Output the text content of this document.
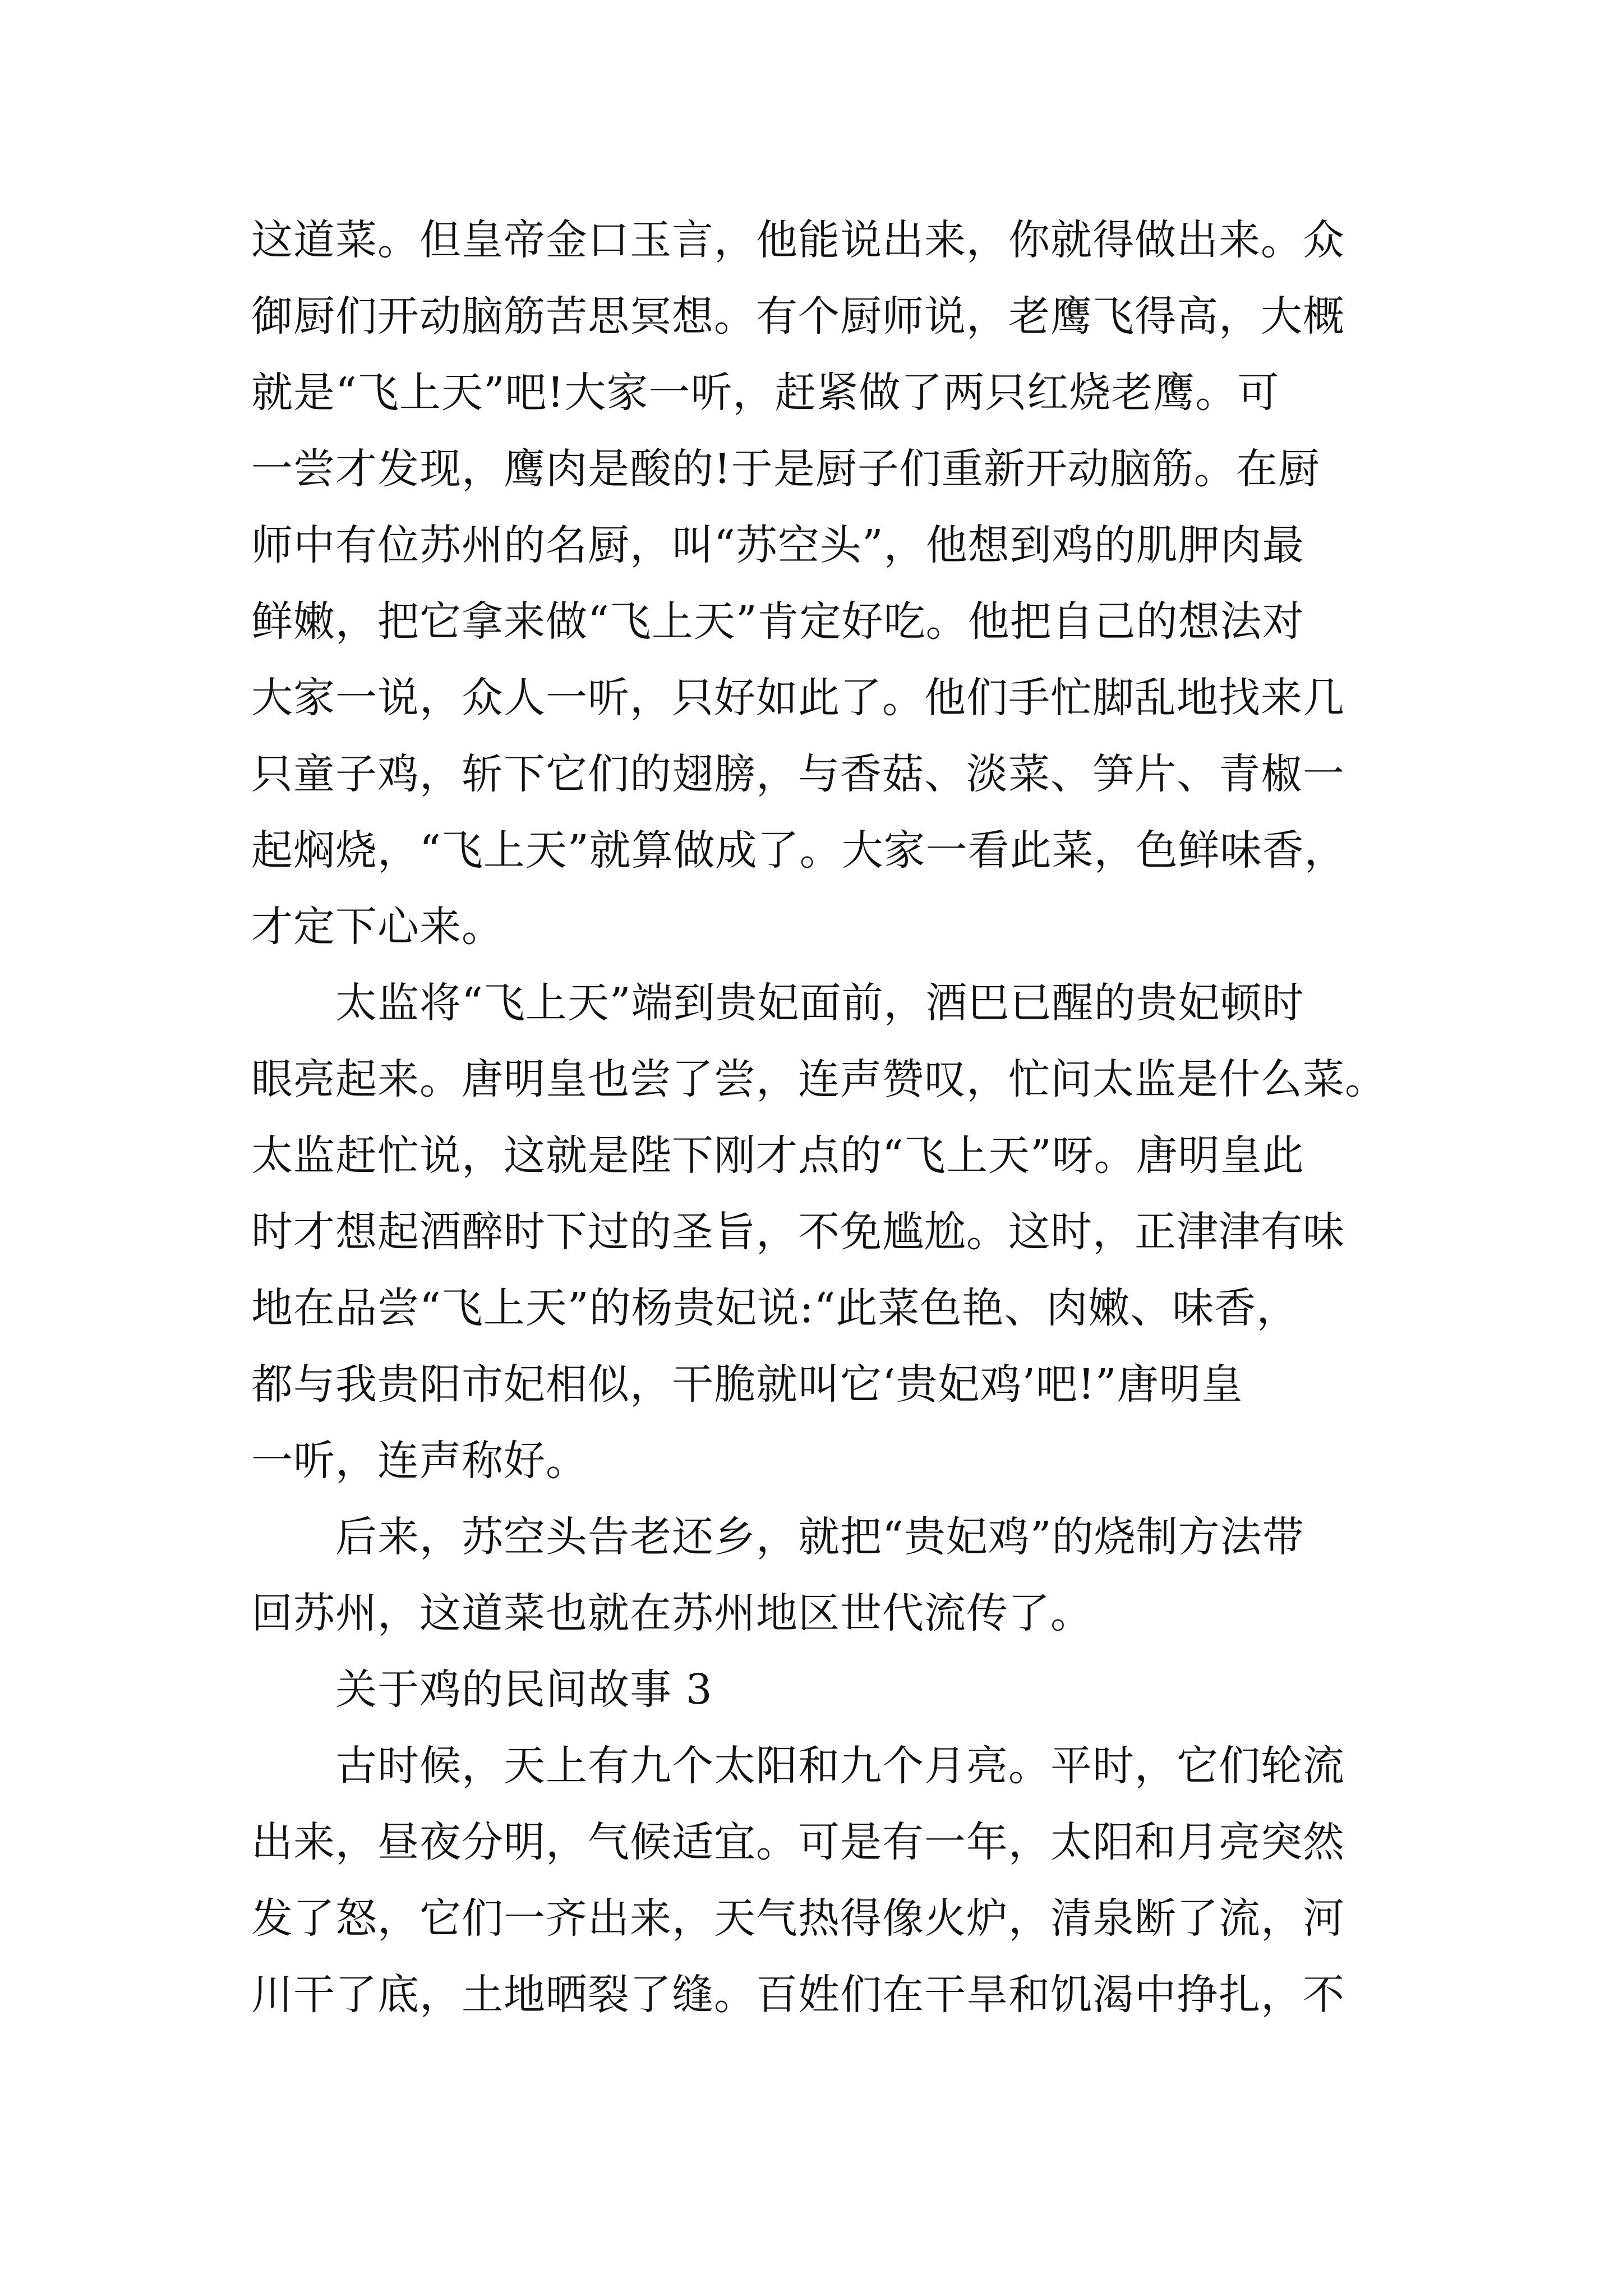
这道菜。但皇帝金口玉言，他能说出来，你就得做出来。众
御厨们开动脑筋苦思冥想。有个厨师说，老鹰飞得高，大概
就是“飞上天”吧!大家一听，赶紧做了两只红烧老鹰。可
一尝才发现，鹰肉是酸的!于是厨子们重新开动脑筋。在厨
师中有位苏州的名厨，叫“苏空头”，他想到鸡的肌胛肉最
鲜嫩，把它拿来做“飞上天”肯定好吃。他把自己的想法对
大家一说，众人一听，只好如此了。他们手忙脚乱地找来几
只童子鸡，斩下它们的翅膀，与香菇、淡菜、笋片、青椒一
起焖烧，“飞上天”就算做成了。大家一看此菜，色鲜味香，
才定下心来。
太监将“飞上天”端到贵妃面前，酒巴已醒的贵妃顿时
眼亮起来。唐明皇也尝了尝，连声赞叹，忙问太监是什么菜。
太监赶忙说，这就是陛下刚才点的“飞上天”呀。唐明皇此
时才想起酒醉时下过的圣旨，不免尴尬。这时，正津津有味
地在品尝“飞上天”的杨贵妃说:“此菜色艳、肉嫩、味香，
都与我贵阳市妃相似，干脆就叫它‘贵妃鸡’吧!”唐明皇
一听，连声称好。
后来，苏空头告老还乡，就把“贵妃鸡”的烧制方法带
回苏州，这道菜也就在苏州地区世代流传了。
关于鸡的民间故事 3
古时候，天上有九个太阳和九个月亮。平时，它们轮流
出来，昼夜分明，气候适宜。可是有一年，太阳和月亮突然
发了怒，它们一齐出来，天气热得像火炉，清泉断了流，河
川干了底，土地晒裂了缝。百姓们在干旱和饥渴中挣扎，不
